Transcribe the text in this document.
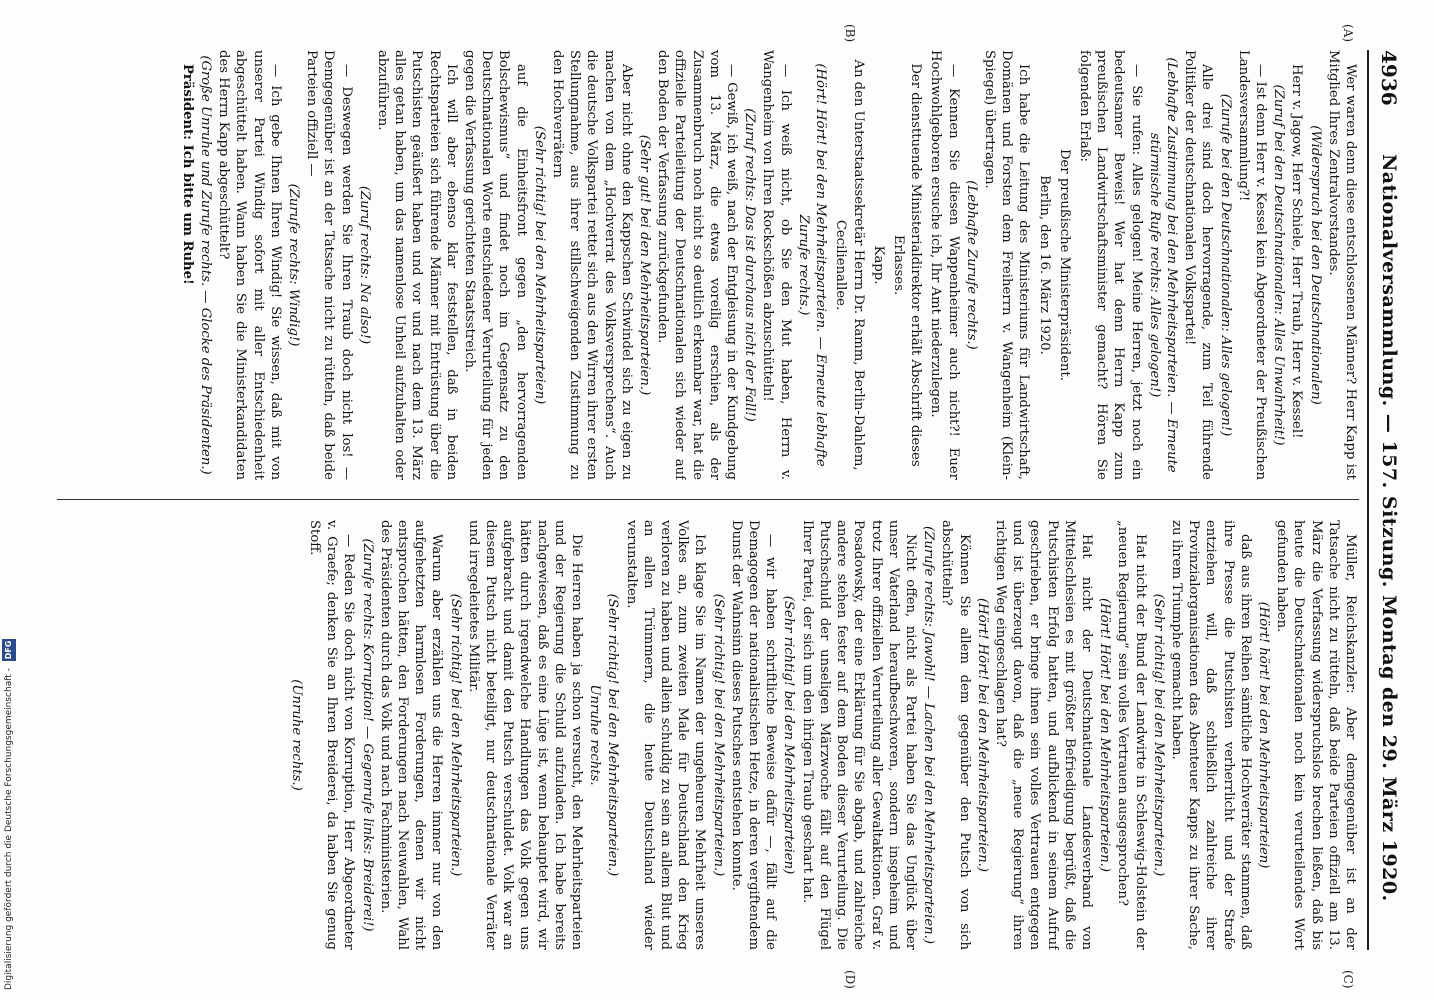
4936
Nationalversammlung. — 157. Sitzung. Montag den 29. März 1920.
(A)
(B)
(C)
(D)

Wer waren denn diese entschlossenen Männer? Herr Kapp ist Mitglied Ihres Zentralvorstandes.

(Widerspruch bei den Deutschnationalen)

Herr v. Jagow, Herr Schiele, Herr Traub, Herr v. Kessel!

(Zuruf bei den Deutschnationalen: Alles Unwahrheit!)

— Ist denn Herr v. Kessel kein Abgeordneter der Preußischen Landesversammlung?!

(Zurufe bei den Deutschnationalen: Alles gelogen!)

Alle drei sind doch hervorragende, zum Teil führende Politiker der deutschnationalen Volkspartei!

(Lebhafte Zustimmung bei den Mehrheitsparteien. — Erneute stürmische Rufe rechts: Alles gelogen!)

— Sie rufen: Alles gelogen! Meine Herren, jetzt noch ein bedeutsamer Beweis! Wer hat denn Herrn Kapp zum preußischen Landwirtschaftsminister gemacht? Hören Sie folgenden Erlaß:

Der preußische Ministerpräsident.

Berlin, den 16. März 1920.

Ich habe die Leitung des Ministeriums für Landwirtschaft, Domänen und Forsten dem Freiherrn v. Wangenheim (Klein-Spiegel) übertragen.

(Lebhafte Zurufe rechts.)

— Kennen Sie diesen Wappenheimer auch nicht?! Euer Hochwohlgeboren ersuche ich, Ihr Amt niederzulegen.

Der diensttuende Ministerialdirektor erhält Abschrift dieses Erlasses.

Kapp.

An den Unterstaatssekretär Herrn Dr. Ramm, Berlin-Dahlem, Cecilienallee.

(Hört! Hört! bei den Mehrheitsparteien. — Erneute lebhafte Zurufe rechts.)

— Ich weiß nicht, ob Sie den Mut haben, Herrn v. Wangenheim von Ihren Rockschößen abzuschütteln!

(Zuruf rechts: Das ist durchaus nicht der Fall!)

— Gewiß, ich weiß, nach der Entgleisung in der Kundgebung vom 13. März, die etwas voreilig erschien, als der Zusammenbruch noch nicht so deutlich erkennbar war, hat die offizielle Parteileitung der Deutschnationalen sich wieder auf den Boden der Verfassung zurückgefunden.

(Sehr gut! bei den Mehrheitsparteien.)

Aber nicht ohne den Kappschen Schwindel sich zu eigen zu machen von dem „Hochverrat des Volksversprechens“. Auch die deutsche Volkspartei rettet sich aus den Wirren ihrer ersten Stellungnahme, aus ihrer stillschweigenden Zustimmung zu den Hochverrätern

(Sehr richtig! bei den Mehrheitsparteien)

auf die Einheitsfront gegen „den hervorragenden Bolschewismus“ und findet noch im Gegensatz zu den Deutschnationalen Worte entschiedener Verurteilung für jeden gegen die Verfassung gerichteten Staatsstreich.

Ich will aber ebenso klar feststellen, daß in beiden Rechtsparteien sich führende Männer mit Entrüstung über die Putschisten geäußert haben und vor und nach dem 13. März alles getan haben, um das namenlose Unheil aufzuhalten oder abzuführen.

(Zuruf rechts: Na also!)

— Deswegen werden Sie Ihren Traub doch nicht los! — Demgegenüber ist an der Tatsache nicht zu rütteln, daß beide Parteien offiziell —

(Zurufe rechts: Windig!)

— Ich gebe Ihnen Ihren Windig! Sie wissen, daß mit von unserer Partei Windig sofort mit aller Entschiedenheit abgeschüttelt haben. Wann haben Sie die Ministerkandidaten des Herrn Kapp abgeschüttelt?

(Große Unruhe und Zurufe rechts. — Glocke des Präsidenten.)

Präsident: Ich bitte um Ruhe!

Müller, Reichskanzler: Aber demgegenüber ist an der Tatsache nicht zu rütteln, daß beide Parteien offiziell am 13. März die Verfassung widerspruchslos brechen ließen, daß bis heute die Deutschnationalen noch kein verurteilendes Wort gefunden haben.

(Hört! hört! bei den Mehrheitsparteien)

daß aus ihren Reihen sämtliche Hochverräter stammen, daß ihre Presse die Putschisten verherrlicht und der Strafe entziehen will, daß schließlich zahlreiche ihrer Provinzialorganisationen das Abenteuer Kapps zu ihrer Sache, zu ihrem Triumphe gemacht haben.

(Sehr richtig! bei den Mehrheitsparteien.)

Hat nicht der Bund der Landwirte in Schleswig-Holstein der „neuen Regierung“ sein volles Vertrauen ausgesprochen?

(Hört! Hört! bei den Mehrheitsparteien.)

Hat nicht der Deutschnationale Landesverband von Mittelschlesien es mit größter Befriedigung begrüßt, daß die Putschisten Erfolg hatten, und aufblickend in seinem Aufruf geschrieben, er bringe ihnen sein volles Vertrauen entgegen und ist überzeugt davon, daß die „neue Regierung“ ihren richtigen Weg eingeschlagen hat?

(Hört! Hört! bei den Mehrheitsparteien.)

Können Sie allem dem gegenüber den Putsch von sich abschütteln?

(Zurufe rechts: Jawohl! — Lachen bei den Mehrheitsparteien.)

Nicht offen, nicht als Partei haben Sie das Unglück über unser Vaterland heraufbeschworen, sondern insgeheim und trotz Ihrer offiziellen Verurteilung aller Gewaltaktionen. Graf v. Posadowsky, der eine Erklärung für Sie abgab, und zahlreiche andere stehen fester auf dem Boden dieser Verurteilung. Die Putschschuld der unseligen Märzwoche fällt auf den Flügel Ihrer Partei, der sich um den ihrigen Traub geschart hat.

(Sehr richtig! bei den Mehrheitsparteien)

— wir haben schriftliche Beweise dafür —, fällt auf die Demagogen der nationalistischen Hetze, in deren vergiftendem Dunst der Wahnsinn dieses Putsches entstehen konnte.

(Sehr richtig! bei den Mehrheitsparteien.)

Ich klage Sie im Namen der ungeheuren Mehrheit unseres Volkes an, zum zweiten Male für Deutschland den Krieg verloren zu haben und allein schuldig zu sein an allem Blut und an allen Trümmern, die heute Deutschland wieder verunstalten.

(Sehr richtig! bei den Mehrheitsparteien.)

Unruhe rechts.

Die Herren haben ja schon versucht, den Mehrheitsparteien und der Regierung die Schuld aufzuladen. Ich habe bereits nachgewiesen, daß es eine Lüge ist, wenn behauptet wird, wir hätten durch irgendwelche Handlungen das Volk gegen uns aufgebracht und damit den Putsch verschuldet. Volk war an diesem Putsch nicht beteiligt, nur deutschnationale Verräter und irregeleitetes Militär.

(Sehr richtig! bei den Mehrheitsparteien.)

Warum aber erzählen uns die Herren immer nur von den aufgehetzten harmlosen Forderungen, denen wir nicht entsprochen hätten, den Forderungen nach Neuwahlen, Wahl des Präsidenten durch das Volk und nach Fachministerien.

(Zurufe rechts: Korruption! — Gegenrufe links: Breiderei!)

— Reden Sie doch nicht von Korruption, Herr Abgeordneter v. Graefe; denken Sie an Ihren Breiderei, da haben Sie genug Stoff.

(Unruhe rechts.)

Digitalisierung gefördert durch die Deutsche Forschungsgemeinschaft - DFG
